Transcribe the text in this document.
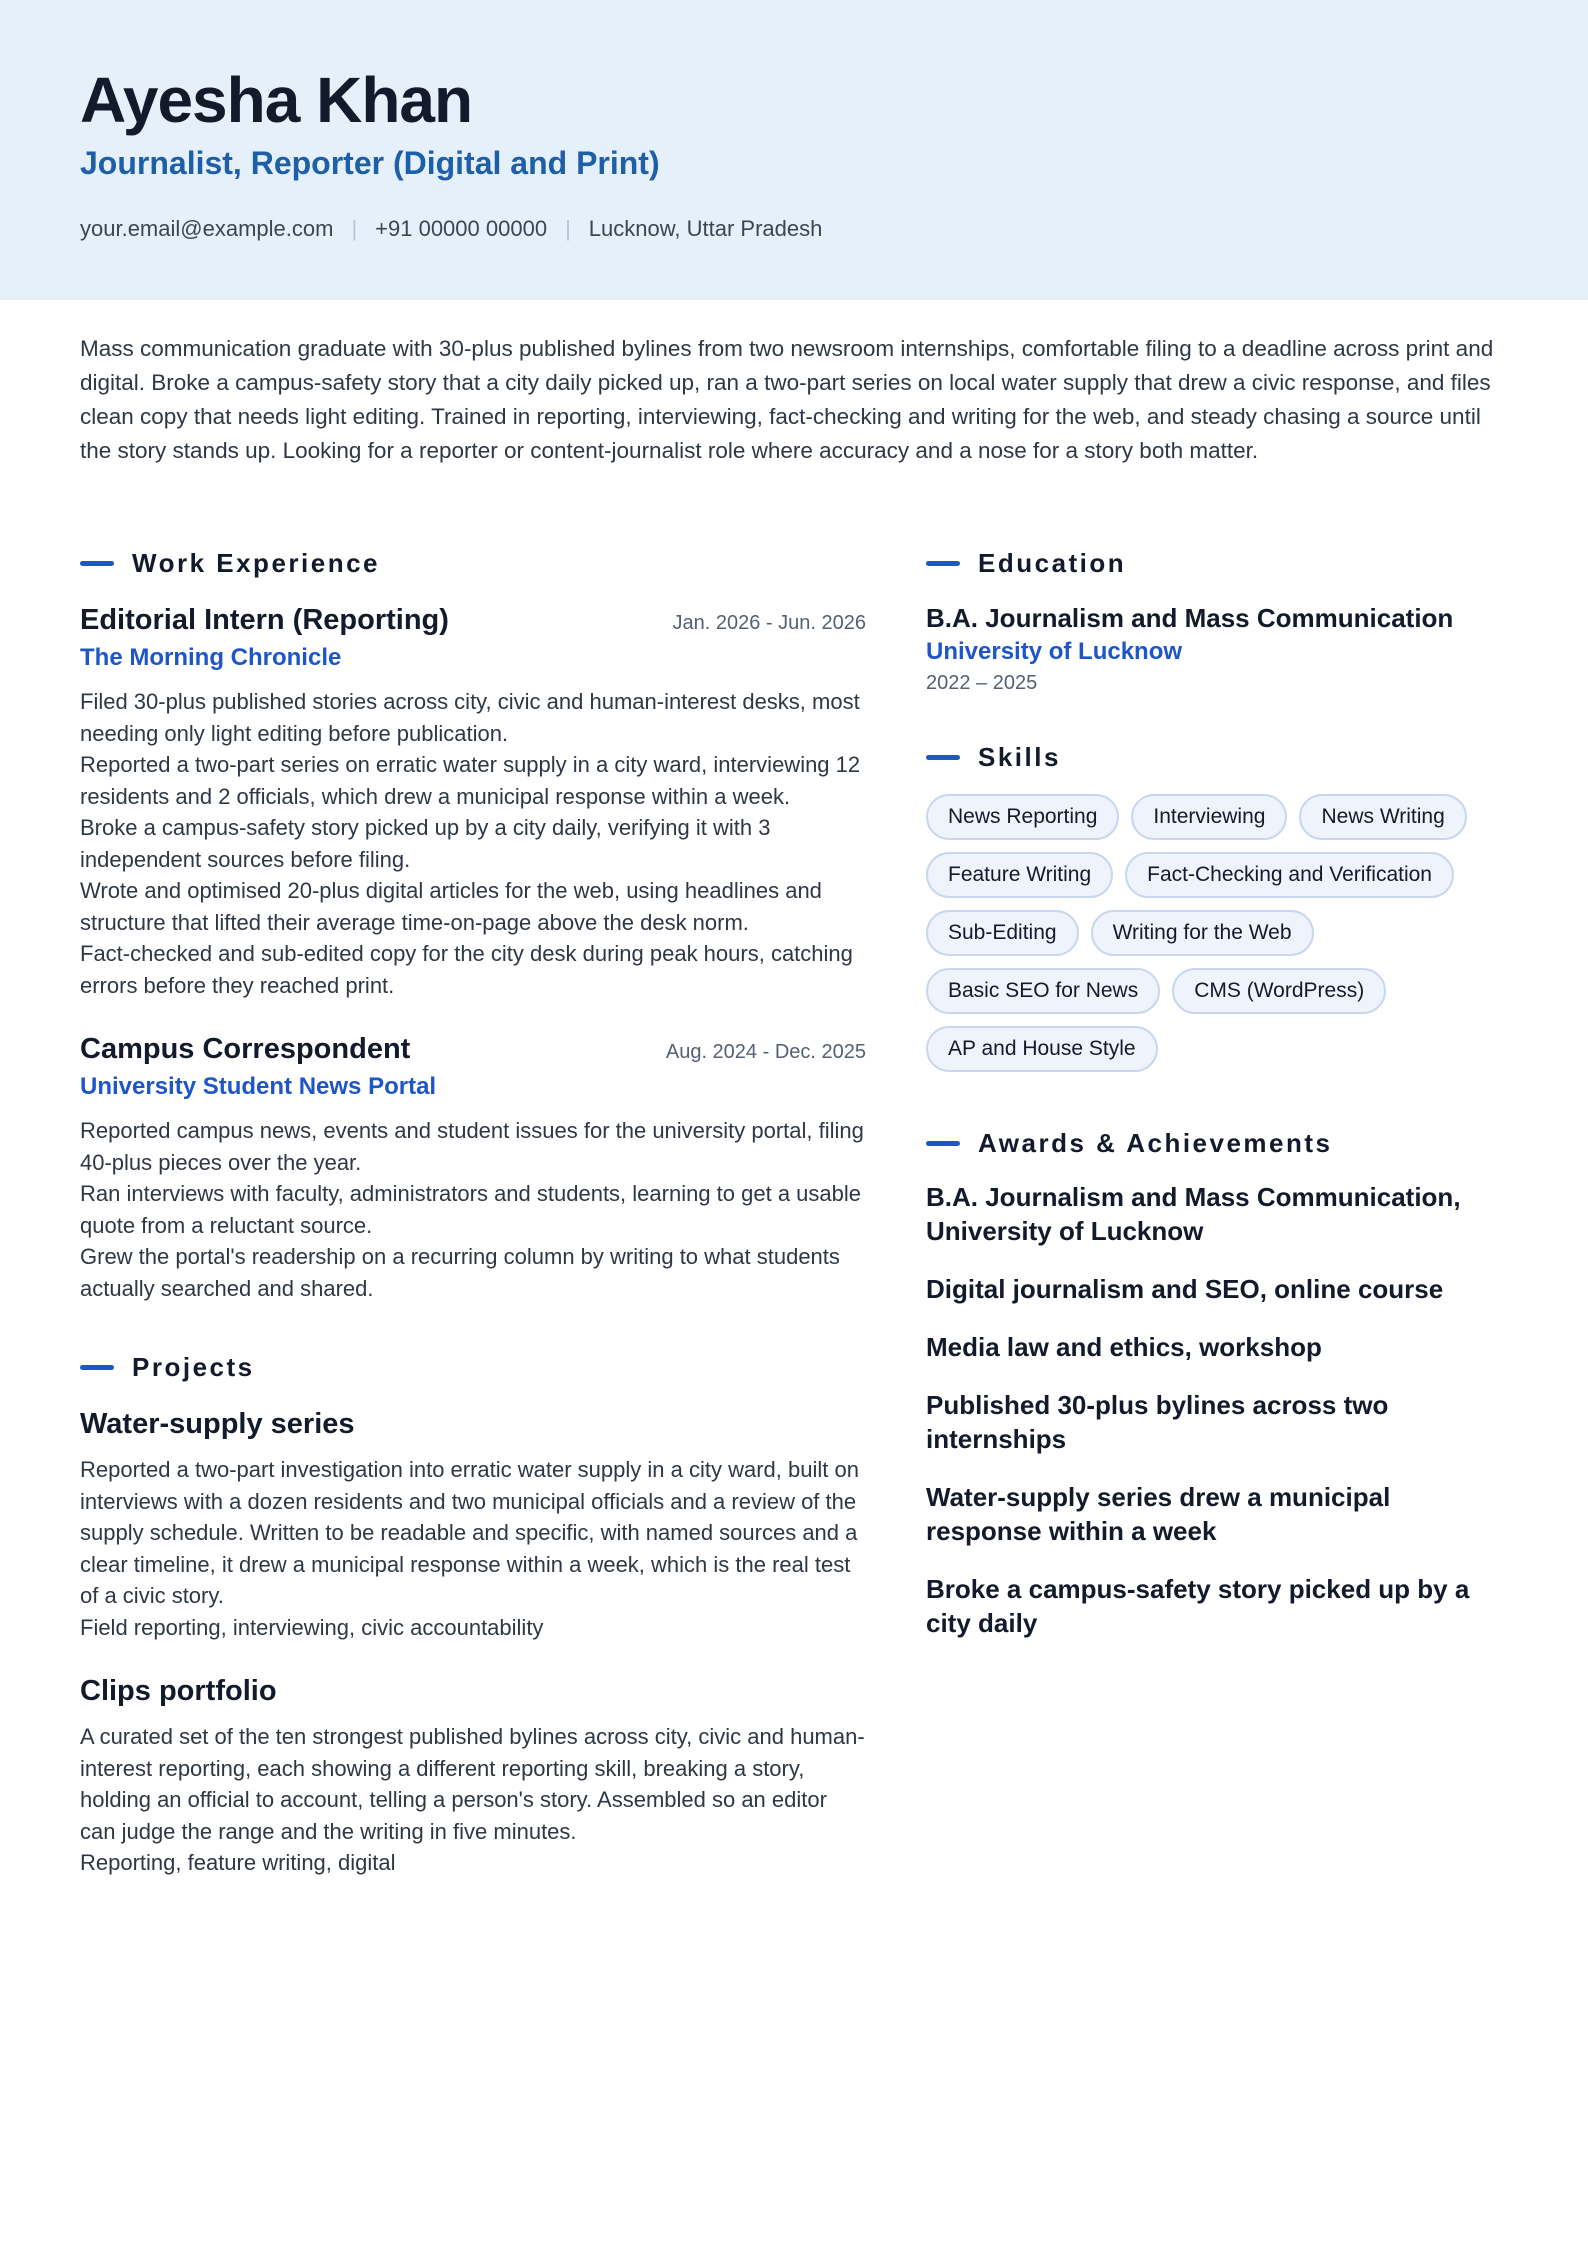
Ayesha Khan
Journalist, Reporter (Digital and Print)
your.email@example.com | +91 00000 00000 | Lucknow, Uttar Pradesh
Mass communication graduate with 30-plus published bylines from two newsroom internships, comfortable filing to a deadline across print and digital. Broke a campus-safety story that a city daily picked up, ran a two-part series on local water supply that drew a civic response, and files clean copy that needs light editing. Trained in reporting, interviewing, fact-checking and writing for the web, and steady chasing a source until the story stands up. Looking for a reporter or content-journalist role where accuracy and a nose for a story both matter.
Work Experience
Editorial Intern (Reporting)	Jan. 2026 - Jun. 2026
The Morning Chronicle
Filed 30-plus published stories across city, civic and human-interest desks, most needing only light editing before publication.
Reported a two-part series on erratic water supply in a city ward, interviewing 12 residents and 2 officials, which drew a municipal response within a week.
Broke a campus-safety story picked up by a city daily, verifying it with 3 independent sources before filing.
Wrote and optimised 20-plus digital articles for the web, using headlines and structure that lifted their average time-on-page above the desk norm.
Fact-checked and sub-edited copy for the city desk during peak hours, catching errors before they reached print.
Campus Correspondent	Aug. 2024 - Dec. 2025
University Student News Portal
Reported campus news, events and student issues for the university portal, filing 40-plus pieces over the year.
Ran interviews with faculty, administrators and students, learning to get a usable quote from a reluctant source.
Grew the portal's readership on a recurring column by writing to what students actually searched and shared.
Projects
Water-supply series
Reported a two-part investigation into erratic water supply in a city ward, built on interviews with a dozen residents and two municipal officials and a review of the supply schedule. Written to be readable and specific, with named sources and a clear timeline, it drew a municipal response within a week, which is the real test of a civic story.
Field reporting, interviewing, civic accountability
Clips portfolio
A curated set of the ten strongest published bylines across city, civic and human-interest reporting, each showing a different reporting skill, breaking a story, holding an official to account, telling a person's story. Assembled so an editor can judge the range and the writing in five minutes.
Reporting, feature writing, digital
Education
B.A. Journalism and Mass Communication
University of Lucknow
2022 – 2025
Skills
News Reporting	Interviewing	News Writing
Feature Writing	Fact-Checking and Verification
Sub-Editing	Writing for the Web
Basic SEO for News	CMS (WordPress)
AP and House Style
Awards & Achievements
B.A. Journalism and Mass Communication, University of Lucknow
Digital journalism and SEO, online course
Media law and ethics, workshop
Published 30-plus bylines across two internships
Water-supply series drew a municipal response within a week
Broke a campus-safety story picked up by a city daily
